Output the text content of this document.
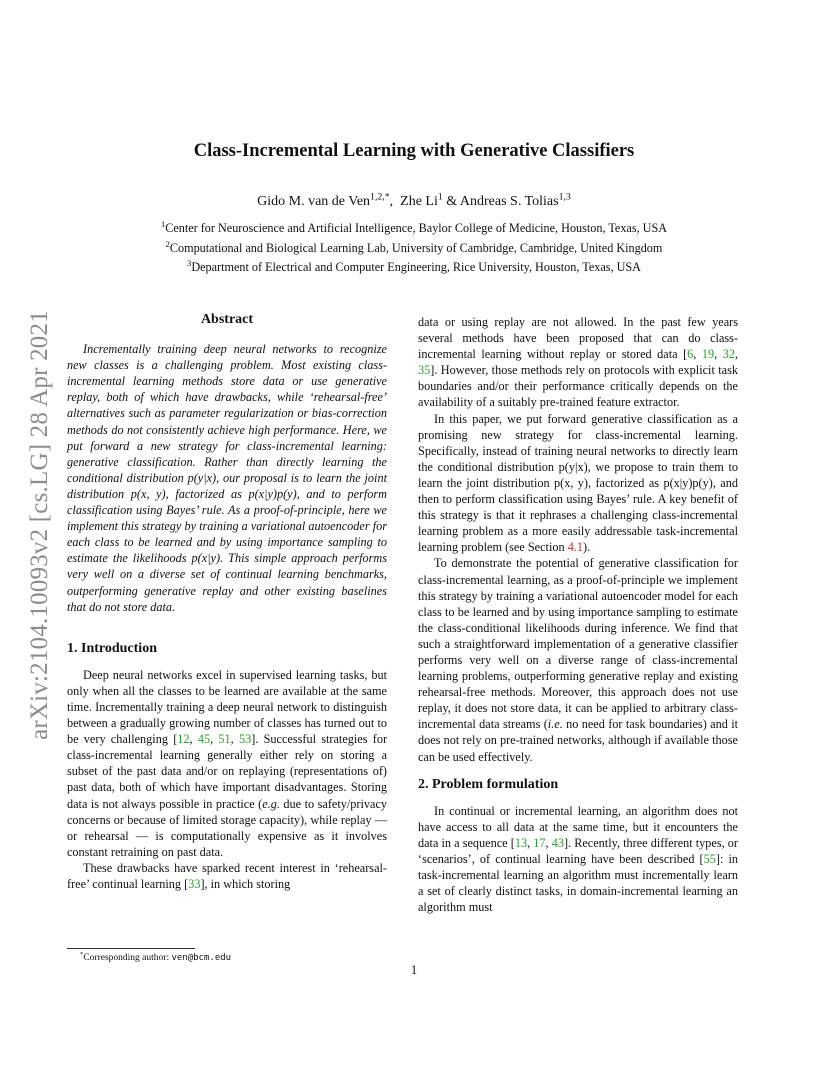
arXiv:2104.10093v2 [cs.LG] 28 Apr 2021
Class-Incremental Learning with Generative Classifiers
Gido M. van de Ven$^{1,2,*}$,  Zhe Li$^1$ & Andreas S. Tolias$^{1,3}$
$^1$Center for Neuroscience and Artificial Intelligence, Baylor College of Medicine, Houston, Texas, USA
$^2$Computational and Biological Learning Lab, University of Cambridge, Cambridge, United Kingdom
$^3$Department of Electrical and Computer Engineering, Rice University, Houston, Texas, USA
Abstract

Incrementally training deep neural networks to recognize new classes is a challenging problem. Most existing class-incremental learning methods store data or use generative replay, both of which have drawbacks, while ‘rehearsal-free’ alternatives such as parameter regularization or bias-correction methods do not consistently achieve high performance. Here, we put forward a new strategy for class-incremental learning: generative classification. Rather than directly learning the conditional distribution p(y|x), our proposal is to learn the joint distribution p(x, y), factorized as p(x|y)p(y), and to perform classification using Bayes’ rule. As a proof-of-principle, here we implement this strategy by training a variational autoencoder for each class to be learned and by using importance sampling to estimate the likelihoods p(x|y). This simple approach performs very well on a diverse set of continual learning benchmarks, outperforming generative replay and other existing baselines that do not store data.

1. Introduction

Deep neural networks excel in supervised learning tasks, but only when all the classes to be learned are available at the same time. Incrementally training a deep neural network to distinguish between a gradually growing number of classes has turned out to be very challenging [12, 45, 51, 53]. Successful strategies for class-incremental learning generally either rely on storing a subset of the past data and/or on replaying (representations of) past data, both of which have important disadvantages. Storing data is not always possible in practice (e.g. due to safety/privacy concerns or because of limited storage capacity), while replay — or rehearsal — is computationally expensive as it involves constant retraining on past data.

These drawbacks have sparked recent interest in ‘rehearsal-free’ continual learning [33], in which storing

data or using replay are not allowed. In the past few years several methods have been proposed that can do class-incremental learning without replay or stored data [6, 19, 32, 35]. However, those methods rely on protocols with explicit task boundaries and/or their performance critically depends on the availability of a suitably pre-trained feature extractor.

In this paper, we put forward generative classification as a promising new strategy for class-incremental learning. Specifically, instead of training neural networks to directly learn the conditional distribution p(y|x), we propose to train them to learn the joint distribution p(x, y), factorized as p(x|y)p(y), and then to perform classification using Bayes’ rule. A key benefit of this strategy is that it rephrases a challenging class-incremental learning problem as a more easily addressable task-incremental learning problem (see Section 4.1).

To demonstrate the potential of generative classification for class-incremental learning, as a proof-of-principle we implement this strategy by training a variational autoencoder model for each class to be learned and by using importance sampling to estimate the class-conditional likelihoods during inference. We find that such a straightforward implementation of a generative classifier performs very well on a diverse range of class-incremental learning problems, outperforming generative replay and existing rehearsal-free methods. Moreover, this approach does not use replay, it does not store data, it can be applied to arbitrary class-incremental data streams (i.e. no need for task boundaries) and it does not rely on pre-trained networks, although if available those can be used effectively.

2. Problem formulation

In continual or incremental learning, an algorithm does not have access to all data at the same time, but it encounters the data in a sequence [13, 17, 43]. Recently, three different types, or ‘scenarios’, of continual learning have been described [55]: in task-incremental learning an algorithm must incrementally learn a set of clearly distinct tasks, in domain-incremental learning an algorithm must

*Corresponding author: ven@bcm.edu
1
